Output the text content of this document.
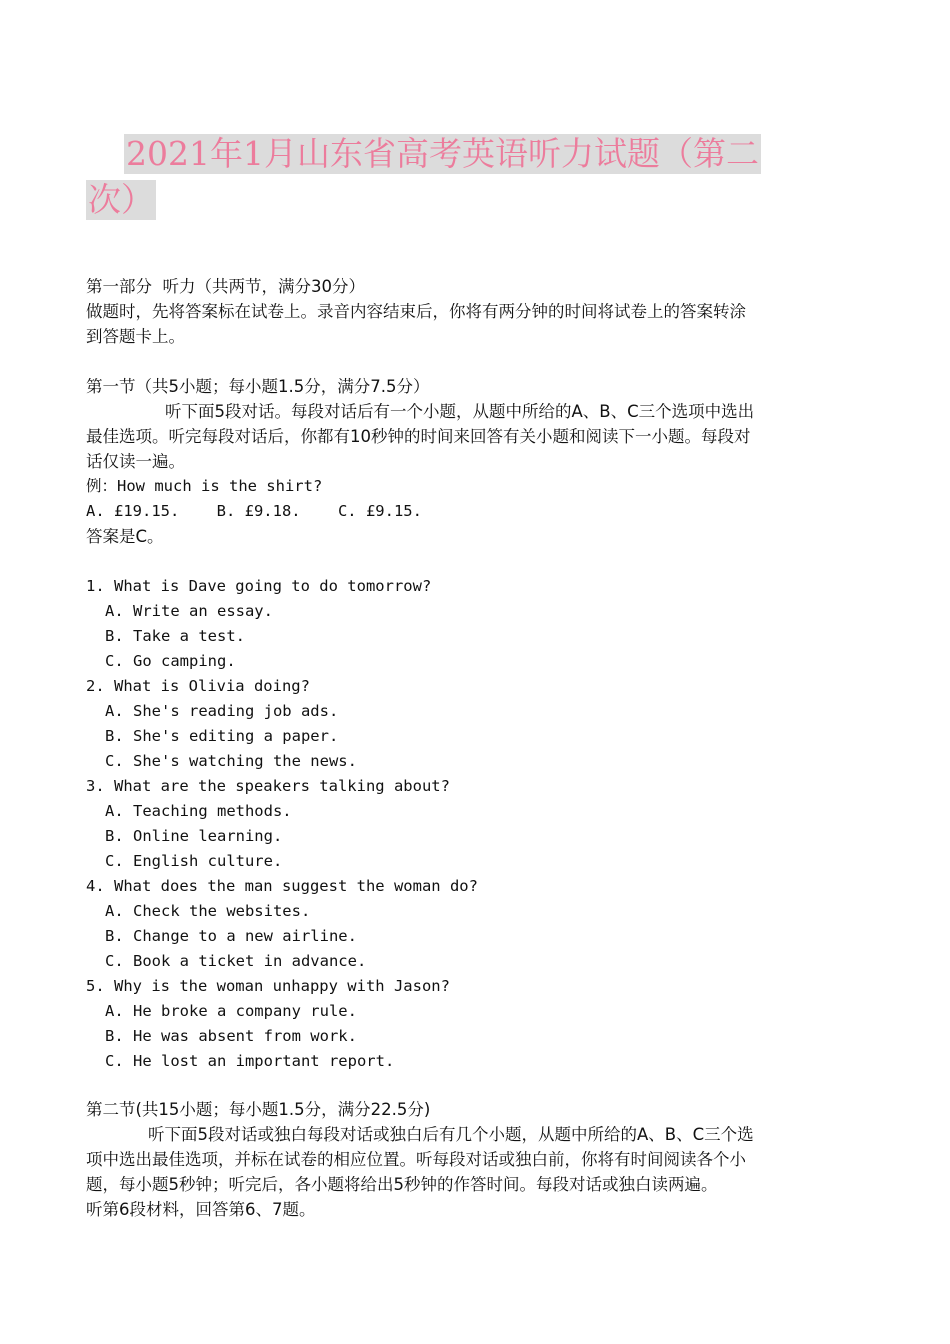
2021年1月山东省高考英语听力试题（第二
次）
第一部分  听力（共两节，满分30分）
做题时，先将答案标在试卷上。录音内容结束后，你将有两分钟的时间将试卷上的答案转涂
到答题卡上。
第一节（共5小题；每小题1.5分，满分7.5分）
听下面5段对话。每段对话后有一个小题，从题中所给的A、B、C三个选项中选出
最佳选项。听完每段对话后，你都有10秒钟的时间来回答有关小题和阅读下一小题。每段对
话仅读一遍。
例：How much is the shirt?
A. £19.15.    B. £9.18.    C. £9.15.
答案是C。
1. What is Dave going to do tomorrow?
A. Write an essay.
B. Take a test.
C. Go camping.
2. What is Olivia doing?
A. She's reading job ads.
B. She's editing a paper.
C. She's watching the news.
3. What are the speakers talking about?
A. Teaching methods.
B. Online learning.
C. English culture.
4. What does the man suggest the woman do?
A. Check the websites.
B. Change to a new airline.
C. Book a ticket in advance.
5. Why is the woman unhappy with Jason?
A. He broke a company rule.
B. He was absent from work.
C. He lost an important report.
第二节(共15小题；每小题1.5分，满分22.5分)
听下面5段对话或独白每段对话或独白后有几个小题，从题中所给的A、B、C三个选
项中选出最佳选项，并标在试卷的相应位置。听每段对话或独白前，你将有时间阅读各个小
题，每小题5秒钟；听完后，各小题将给出5秒钟的作答时间。每段对话或独白读两遍。
听第6段材料，回答第6、7题。
